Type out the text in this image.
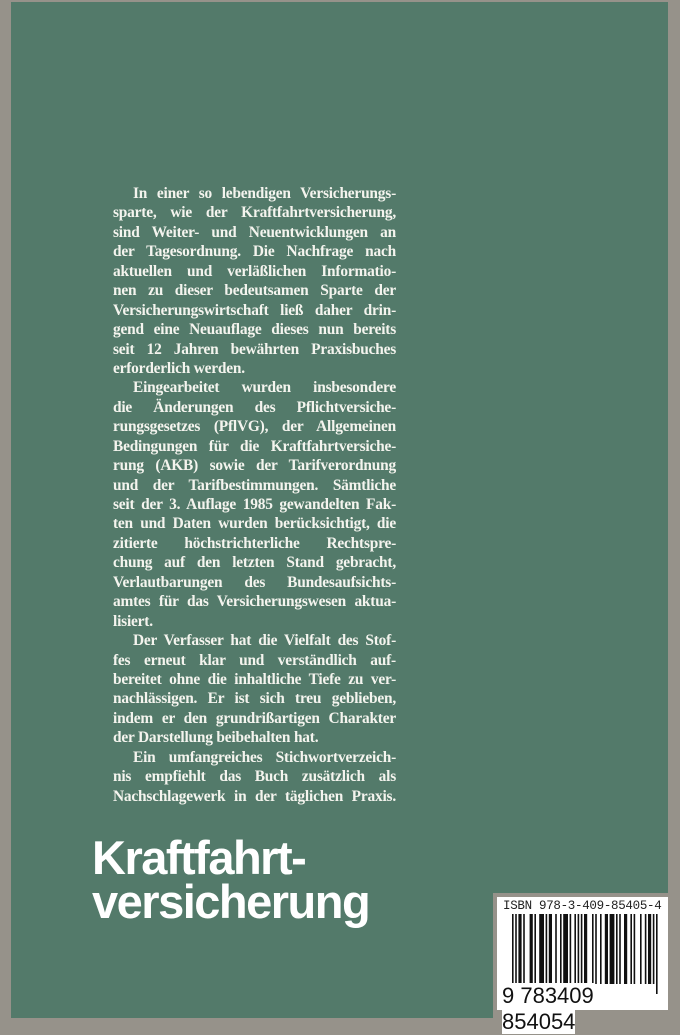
In einer so lebendigen Versicherungs-
sparte, wie der Kraftfahrtversicherung,
sind Weiter- und Neuentwicklungen an
der Tagesordnung. Die Nachfrage nach
aktuellen und verläßlichen Informatio-
nen zu dieser bedeutsamen Sparte der
Versicherungswirtschaft ließ daher drin-
gend eine Neuauflage dieses nun bereits
seit 12 Jahren bewährten Praxisbuches
erforderlich werden.
Eingearbeitet wurden insbesondere
die Änderungen des Pflichtversiche-
rungsgesetzes (PflVG), der Allgemeinen
Bedingungen für die Kraftfahrtversiche-
rung (AKB) sowie der Tarifverordnung
und der Tarifbestimmungen. Sämtliche
seit der 3. Auflage 1985 gewandelten Fak-
ten und Daten wurden berücksichtigt, die
zitierte höchstrichterliche Rechtspre-
chung auf den letzten Stand gebracht,
Verlautbarungen des Bundesaufsichts-
amtes für das Versicherungswesen aktua-
lisiert.
Der Verfasser hat die Vielfalt des Stof-
fes erneut klar und verständlich auf-
bereitet ohne die inhaltliche Tiefe zu ver-
nachlässigen. Er ist sich treu geblieben,
indem er den grundrißartigen Charakter
der Darstellung beibehalten hat.
Ein umfangreiches Stichwortverzeich-
nis empfiehlt das Buch zusätzlich als
Nachschlagewerk in der täglichen Praxis.
Kraftfahrt-
versicherung	ISBN 978-3-409-85405-4
9 783409 854054
